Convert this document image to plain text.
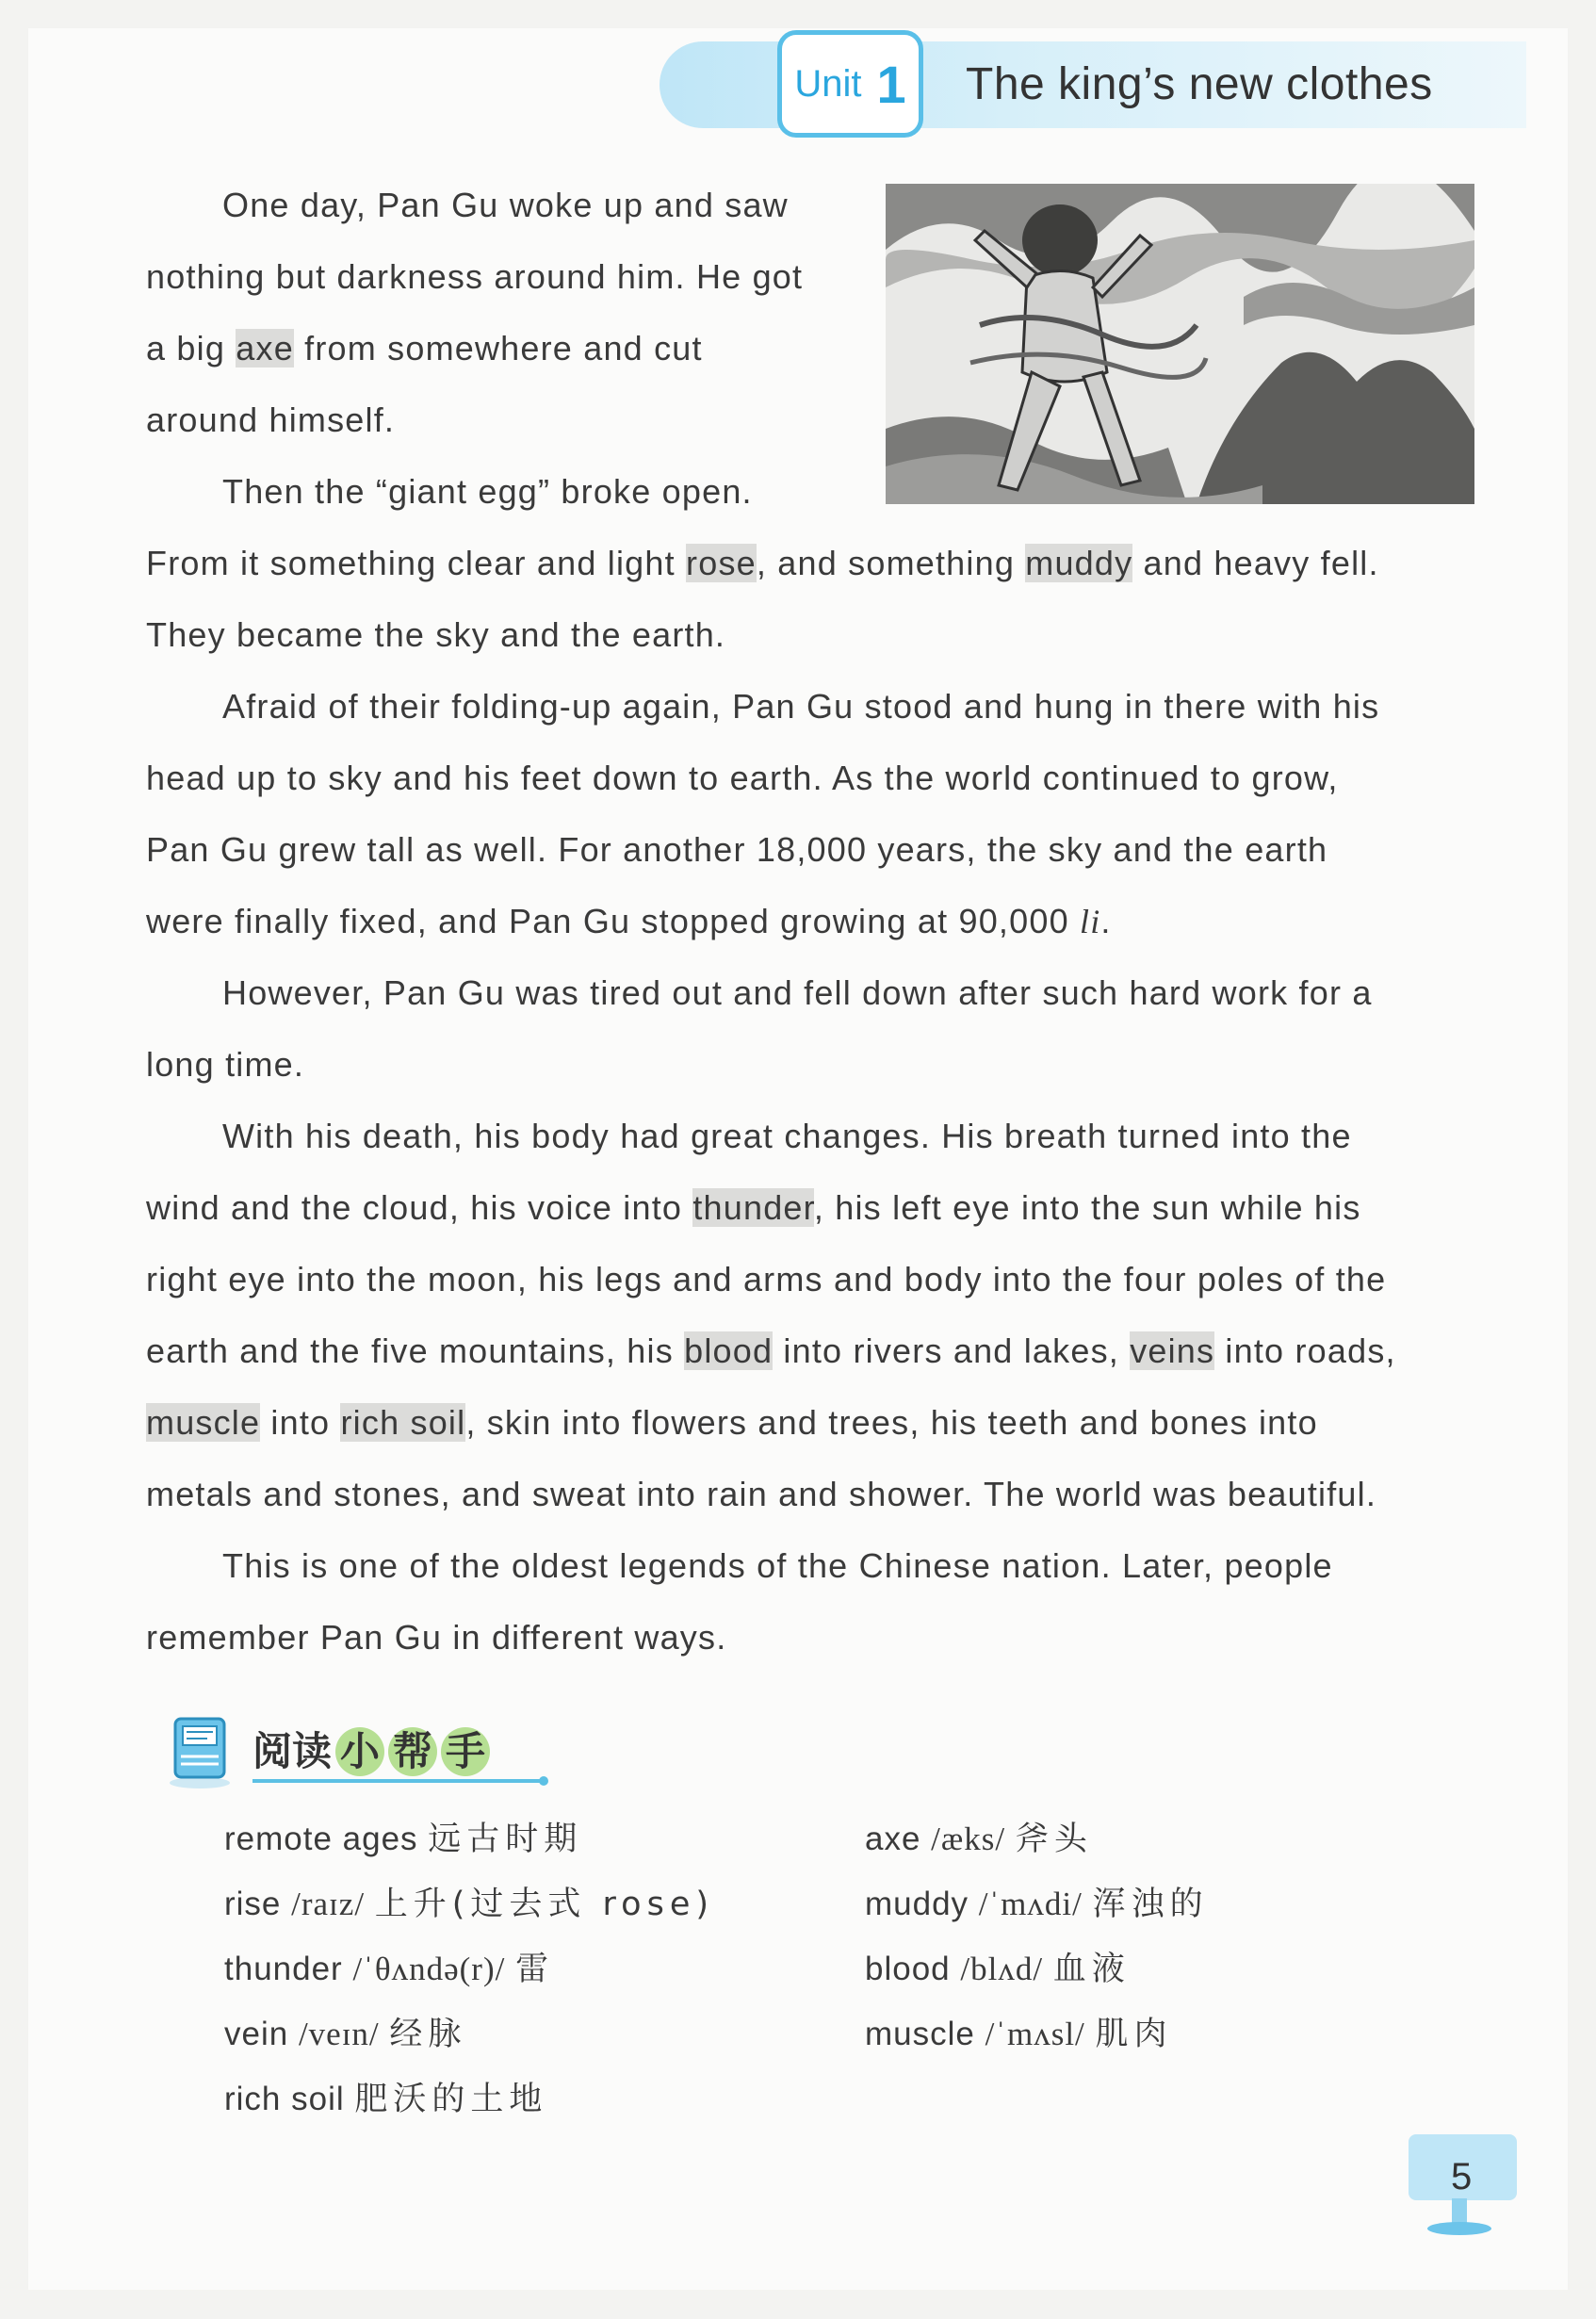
Unit 1 The king’s new clothes
One day, Pan Gu woke up and saw
nothing but darkness around him. He got
a big axe from somewhere and cut
around himself.
Then the “giant egg” broke open.
From it something clear and light rose, and something muddy and heavy fell.
They became the sky and the earth.
Afraid of their folding-up again, Pan Gu stood and hung in there with his
head up to sky and his feet down to earth. As the world continued to grow,
Pan Gu grew tall as well. For another 18,000 years, the sky and the earth
were finally fixed, and Pan Gu stopped growing at 90,000 li.
However, Pan Gu was tired out and fell down after such hard work for a
long time.
With his death, his body had great changes. His breath turned into the
wind and the cloud, his voice into thunder, his left eye into the sun while his
right eye into the moon, his legs and arms and body into the four poles of the
earth and the five mountains, his blood into rivers and lakes, veins into roads,
muscle into rich soil, skin into flowers and trees, his teeth and bones into
metals and stones, and sweat into rain and shower. The world was beautiful.
This is one of the oldest legends of the Chinese nation. Later, people
remember Pan Gu in different ways.
阅读 小 帮 手
remote ages 远古时期
rise /raɪz/ 上升(过去式 rose)
thunder /ˈθʌndə(r)/ 雷
vein /veɪn/ 经脉
rich soil 肥沃的土地
axe /æks/ 斧头
muddy /ˈmʌdi/ 浑浊的
blood /blʌd/ 血液
muscle /ˈmʌsl/ 肌肉
5
